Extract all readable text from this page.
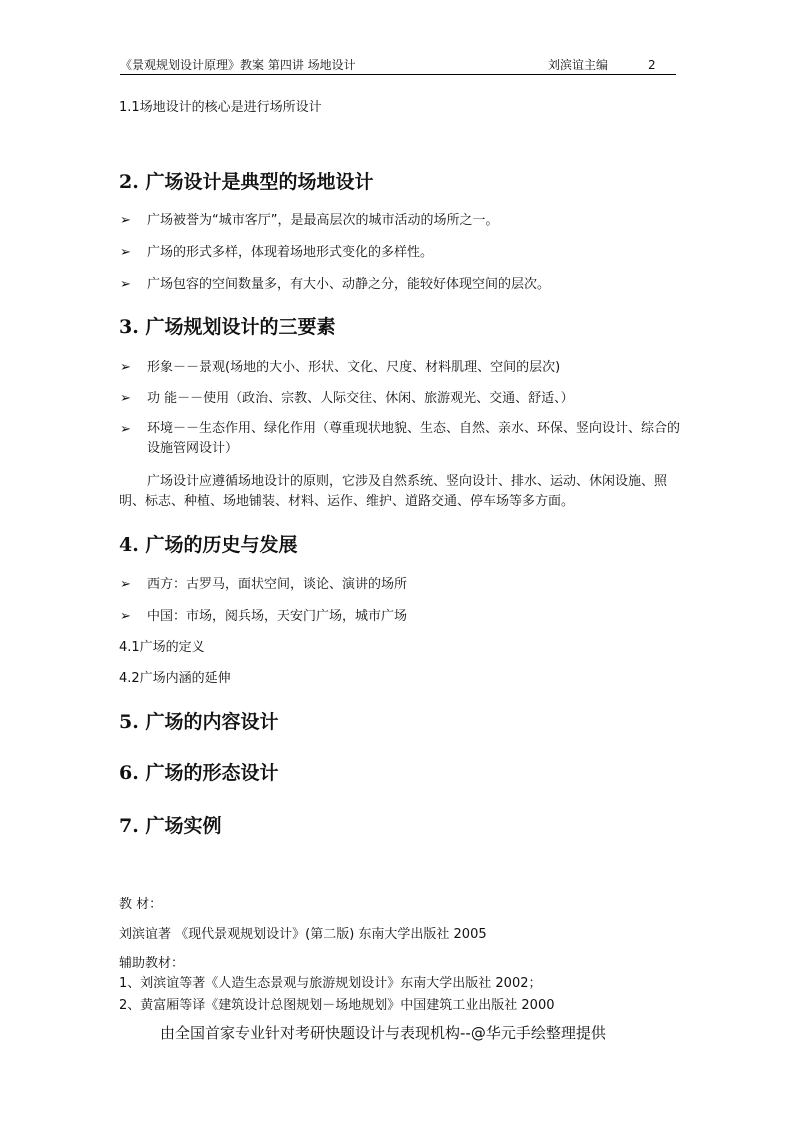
《景观规划设计原理》教案 第四讲 场地设计	刘滨谊主编	2
1.1场地设计的核心是进行场所设计
2. 广场设计是典型的场地设计
➢ 广场被誉为“城市客厅”，是最高层次的城市活动的场所之一。
➢ 广场的形式多样，体现着场地形式变化的多样性。
➢ 广场包容的空间数量多，有大小、动静之分，能较好体现空间的层次。
3. 广场规划设计的三要素
➢ 形象－－景观(场地的大小、形状、文化、尺度、材料肌理、空间的层次)
➢ 功 能－－使用（政治、宗教、人际交往、休闲、旅游观光、交通、舒适、）
➢ 环境－－生态作用、绿化作用（尊重现状地貌、生态、自然、亲水、环保、竖向设计、综合的设施管网设计）
广场设计应遵循场地设计的原则，它涉及自然系统、竖向设计、排水、运动、休闲设施、照明、标志、种植、场地铺装、材料、运作、维护、道路交通、停车场等多方面。
4. 广场的历史与发展
➢ 西方：古罗马，面状空间，谈论、演讲的场所
➢ 中国：市场，阅兵场，天安门广场，城市广场
4.1广场的定义
4.2广场内涵的延伸
5. 广场的内容设计
6. 广场的形态设计
7. 广场实例
教 材：
刘滨谊著 《现代景观规划设计》(第二版) 东南大学出版社 2005
辅助教材：
1、刘滨谊等著《人造生态景观与旅游规划设计》东南大学出版社 2002；
2、黄富厢等译《建筑设计总图规划－场地规划》中国建筑工业出版社 2000
由全国首家专业针对考研快题设计与表现机构--@华元手绘整理提供
